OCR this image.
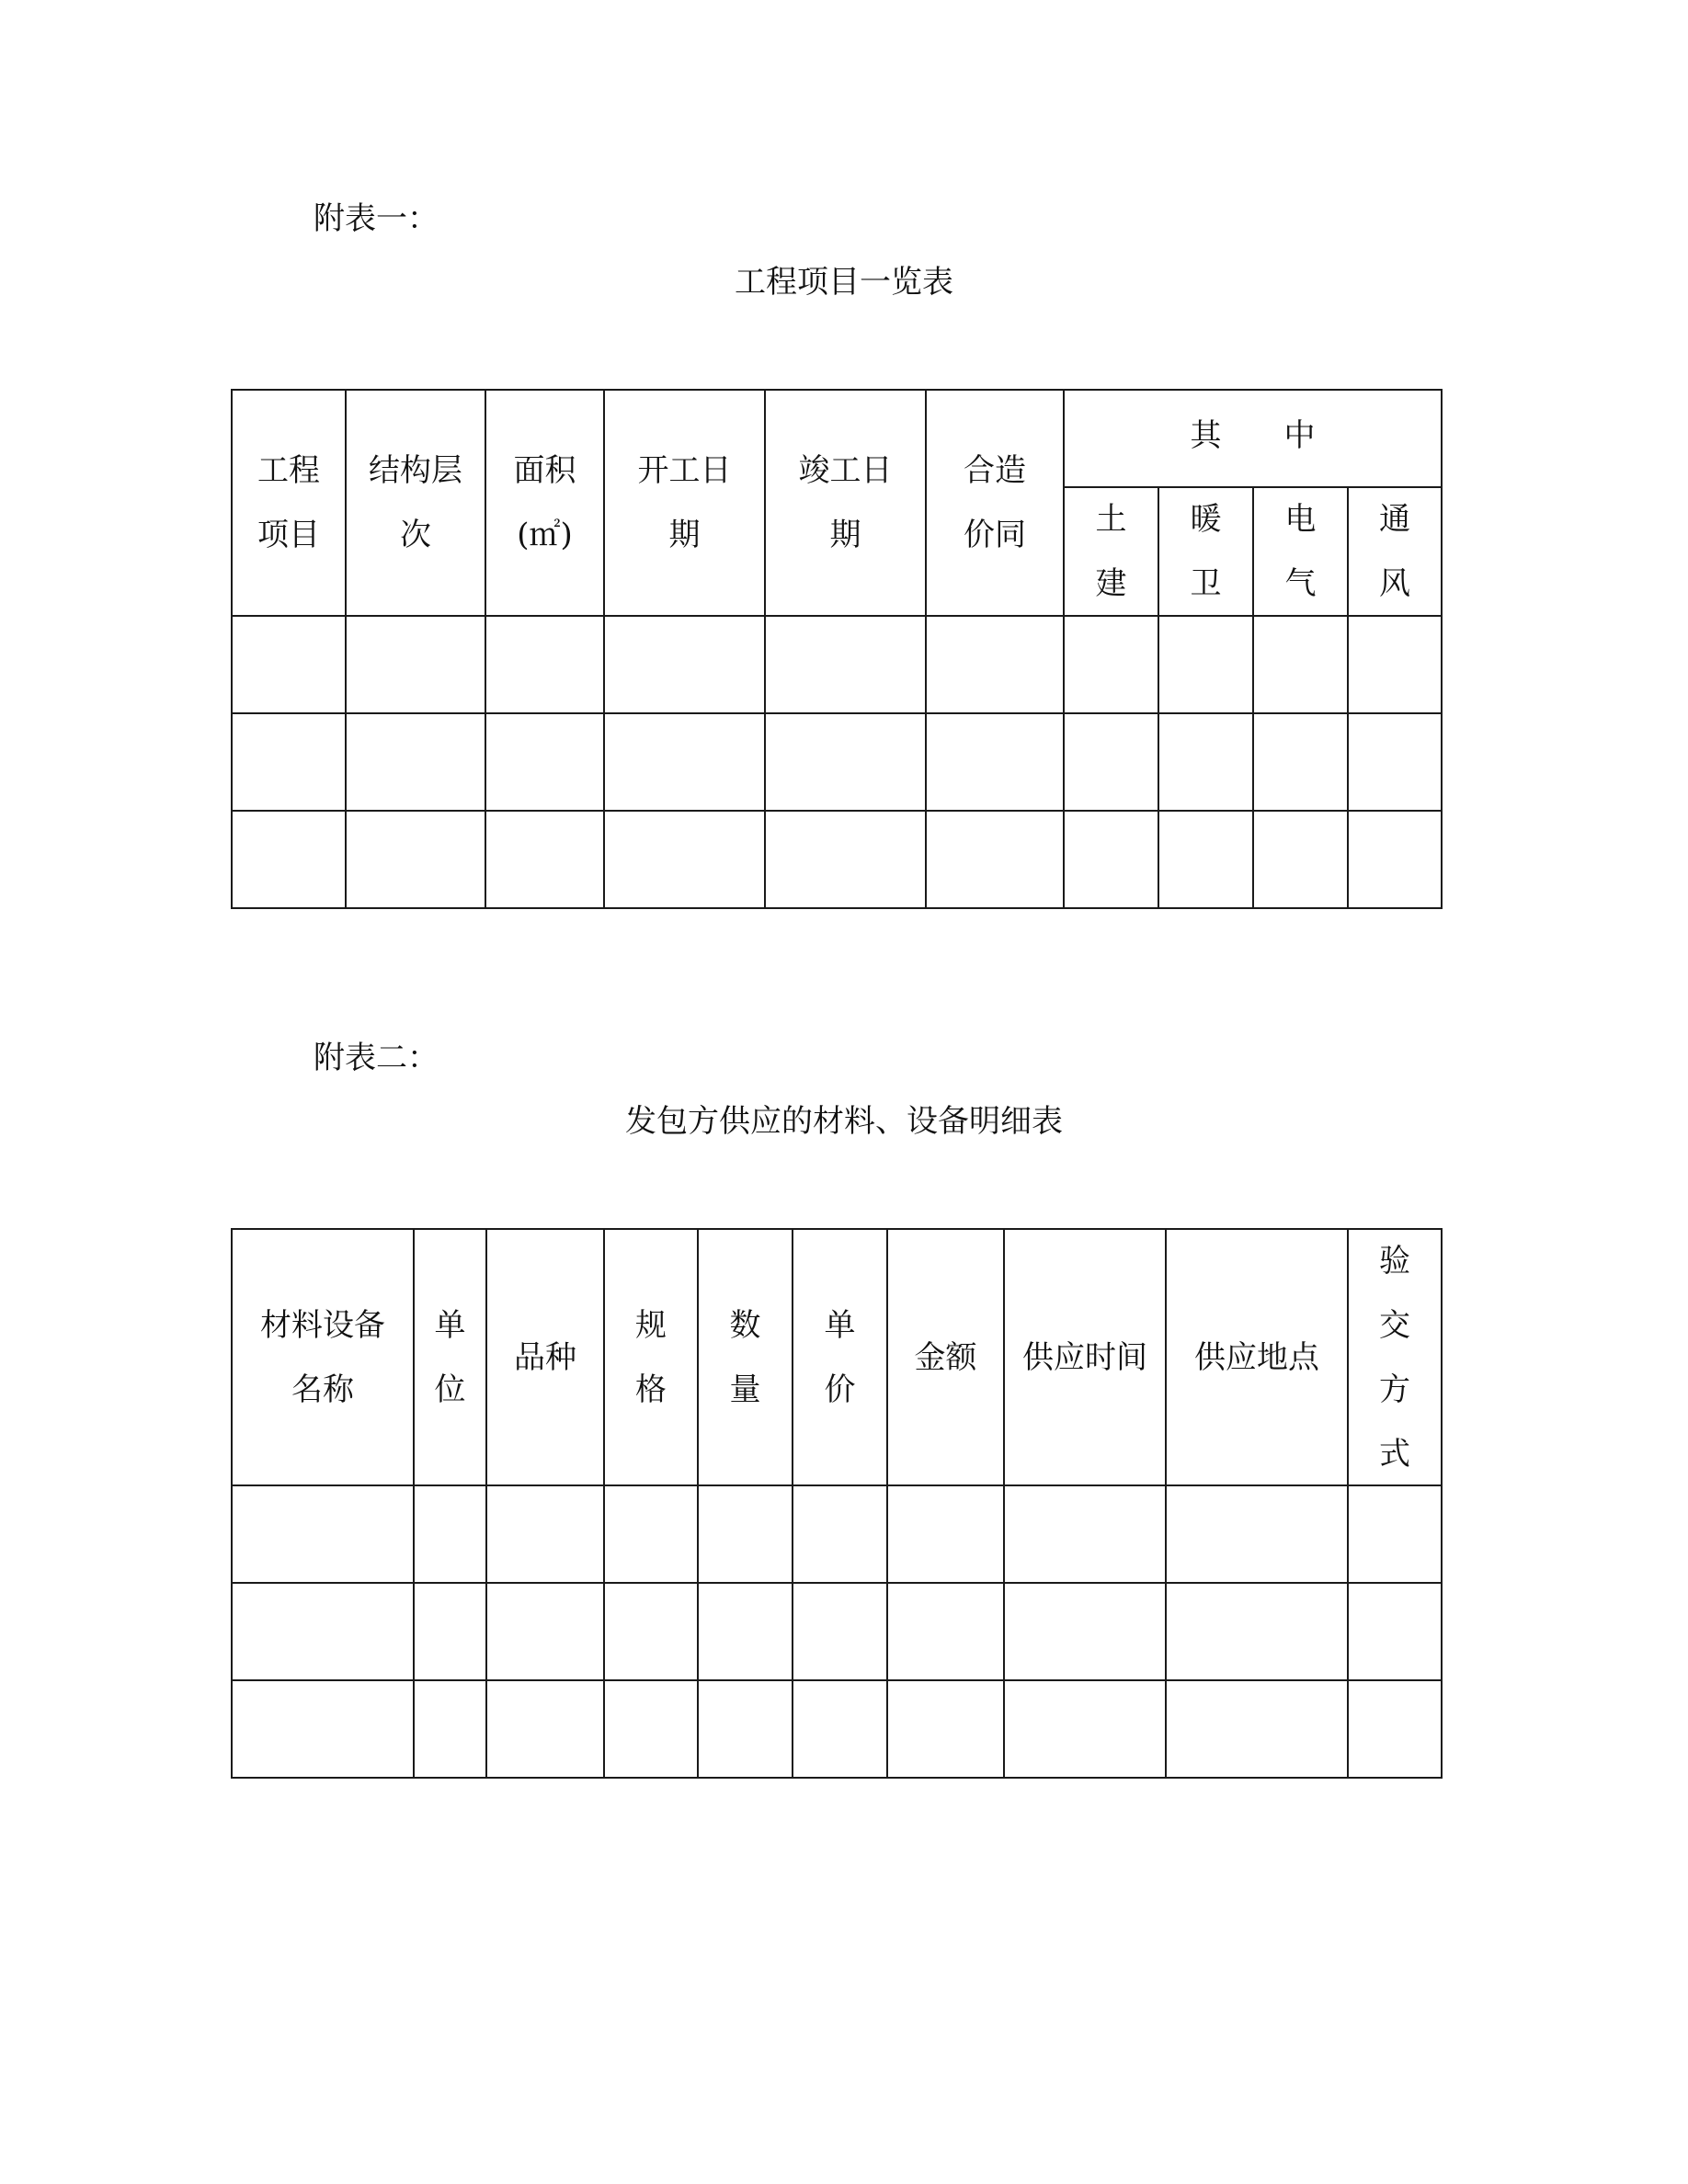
附表一：
工程项目一览表
工程
项目
结构层
次
面积
(㎡)
开工日
期
竣工日
期
合造
价同
其　　中
土
建
暖
卫
电
气
通
风
附表二：
发包方供应的材料、设备明细表
材料设备
名称
单
位
品种
规
格
数
量
单
价
金额	供应时间	供应地点
验
交
方
式
